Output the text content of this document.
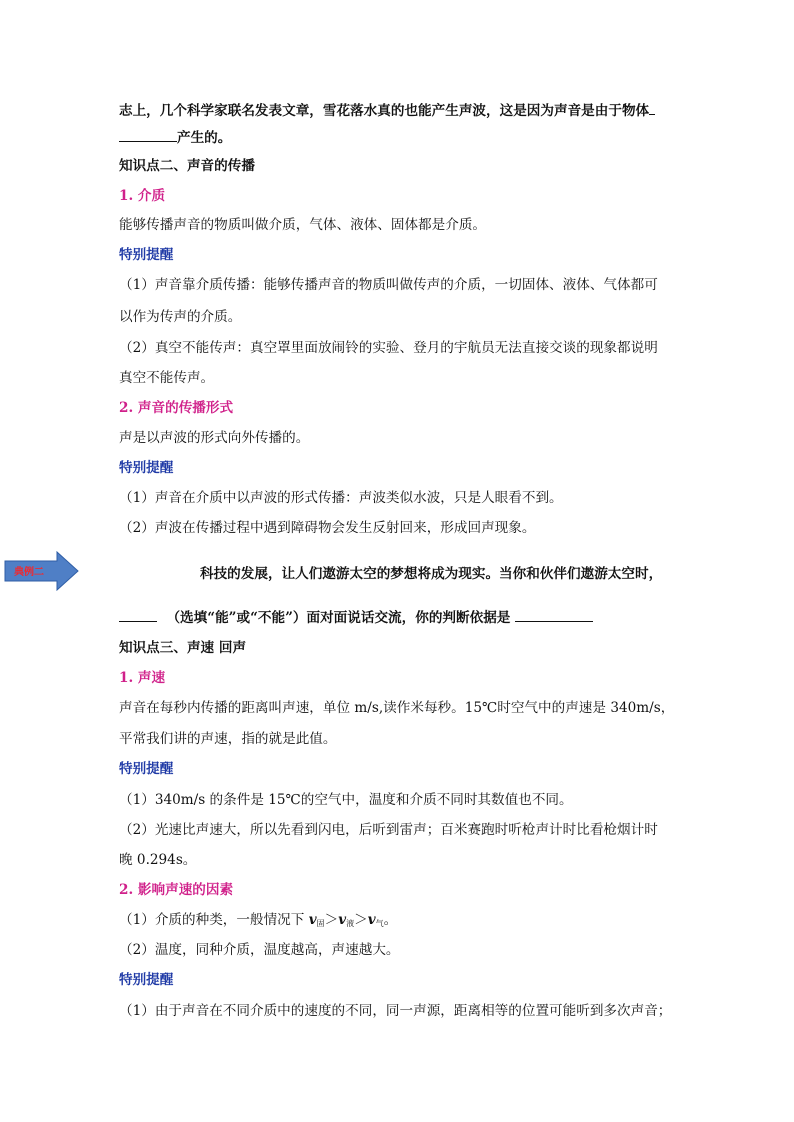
典例二
志上，几个科学家联名发表文章，雪花落水真的也能产生声波，这是因为声音是由于物体
产生的。
知识点二、声音的传播
1. 介质
能够传播声音的物质叫做介质，气体、液体、固体都是介质。
特别提醒
（1）声音靠介质传播：能够传播声音的物质叫做传声的介质，一切固体、液体、气体都可
以作为传声的介质。
（2）真空不能传声：真空罩里面放闹铃的实验、登月的宇航员无法直接交谈的现象都说明
真空不能传声。
2. 声音的传播形式
声是以声波的形式向外传播的。
特别提醒
（1）声音在介质中以声波的形式传播：声波类似水波，只是人眼看不到。
（2）声波在传播过程中遇到障碍物会发生反射回来，形成回声现象。
科技的发展，让人们遨游太空的梦想将成为现实。当你和伙伴们遨游太空时，
（选填“能”或“不能”）面对面说话交流，你的判断依据是
知识点三、声速 回声
1. 声速
声音在每秒内传播的距离叫声速，单位 m/s,读作米每秒。15℃时空气中的声速是 340m/s，
平常我们讲的声速，指的就是此值。
特别提醒
（1）340m/s 的条件是 15℃的空气中，温度和介质不同时其数值也不同。
（2）光速比声速大，所以先看到闪电，后听到雷声；百米赛跑时听枪声计时比看枪烟计时
晚 0.294s。
2. 影响声速的因素
（1）介质的种类，一般情况下 $v_固>v_液>v_气$。
（2）温度，同种介质，温度越高，声速越大。
特别提醒
（1）由于声音在不同介质中的速度的不同，同一声源，距离相等的位置可能听到多次声音；
